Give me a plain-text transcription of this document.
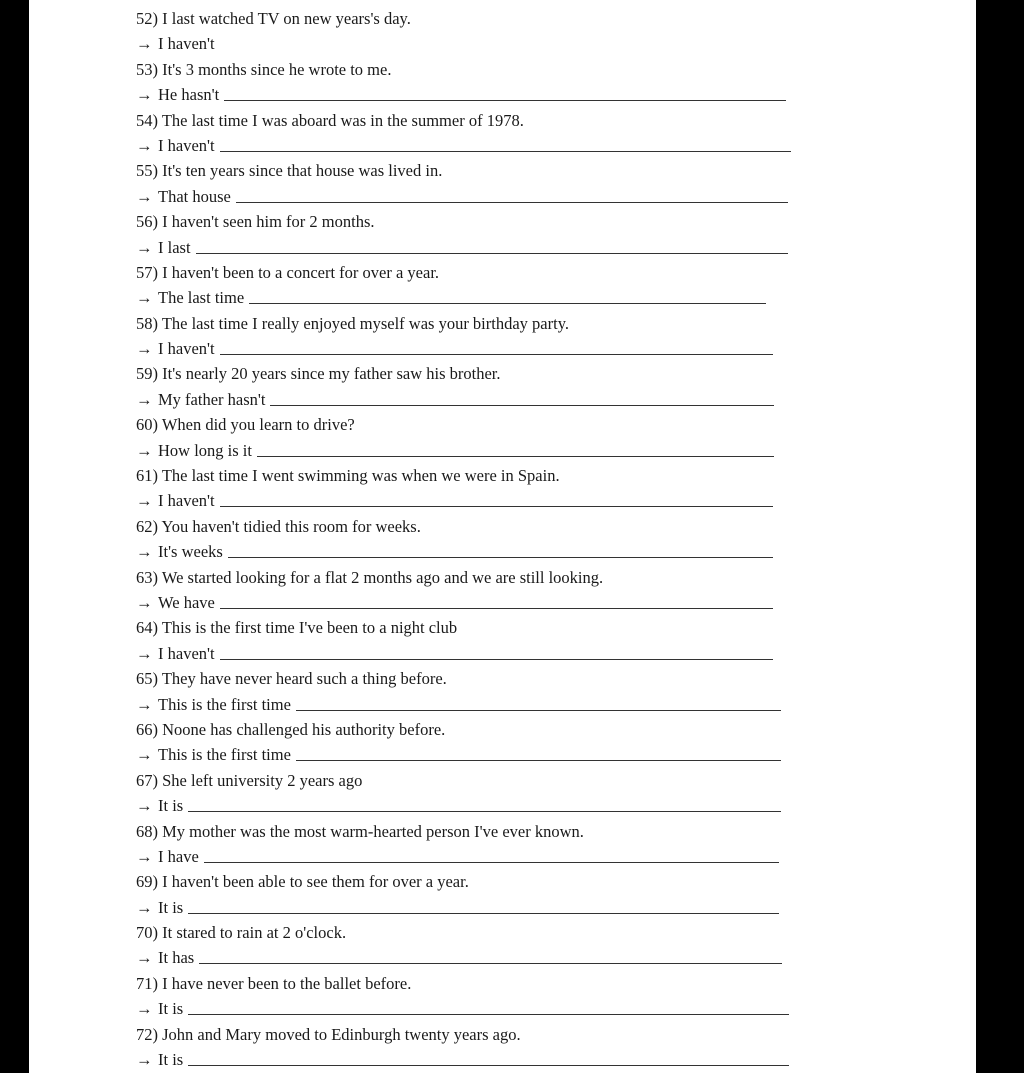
52) I last watched TV on new years's day.
→ I haven't
53) It's 3 months since he wrote to me.
→ He hasn't
54) The last time I was aboard was in the summer of 1978.
→ I haven't
55) It's ten years since that house was lived in.
→ That house
56) I haven't seen him for 2 months.
→ I last
57) I haven't been to a concert for over a year.
→ The last time
58) The last time I really enjoyed myself was your birthday party.
→ I haven't
59) It's nearly 20 years since my father saw his brother.
→ My father hasn't
60) When did you learn to drive?
→ How long is it
61) The last time I went swimming was when we were in Spain.
→ I haven't
62) You haven't tidied this room for weeks.
→ It's weeks
63) We started looking for a flat 2 months ago and we are still looking.
→ We have
64) This is the first time I've been to a night club
→ I haven't
65) They have never heard such a thing before.
→ This is the first time
66) Noone has challenged his authority before.
→ This is the first time
67) She left university 2 years ago
→ It is
68) My mother was the most warm-hearted person I've ever known.
→ I have
69) I haven't been able to see them for over a year.
→ It is
70) It stared to rain at 2 o'clock.
→ It has
71) I have never been to the ballet before.
→ It is
72) John and Mary moved to Edinburgh twenty years ago.
→ It is
